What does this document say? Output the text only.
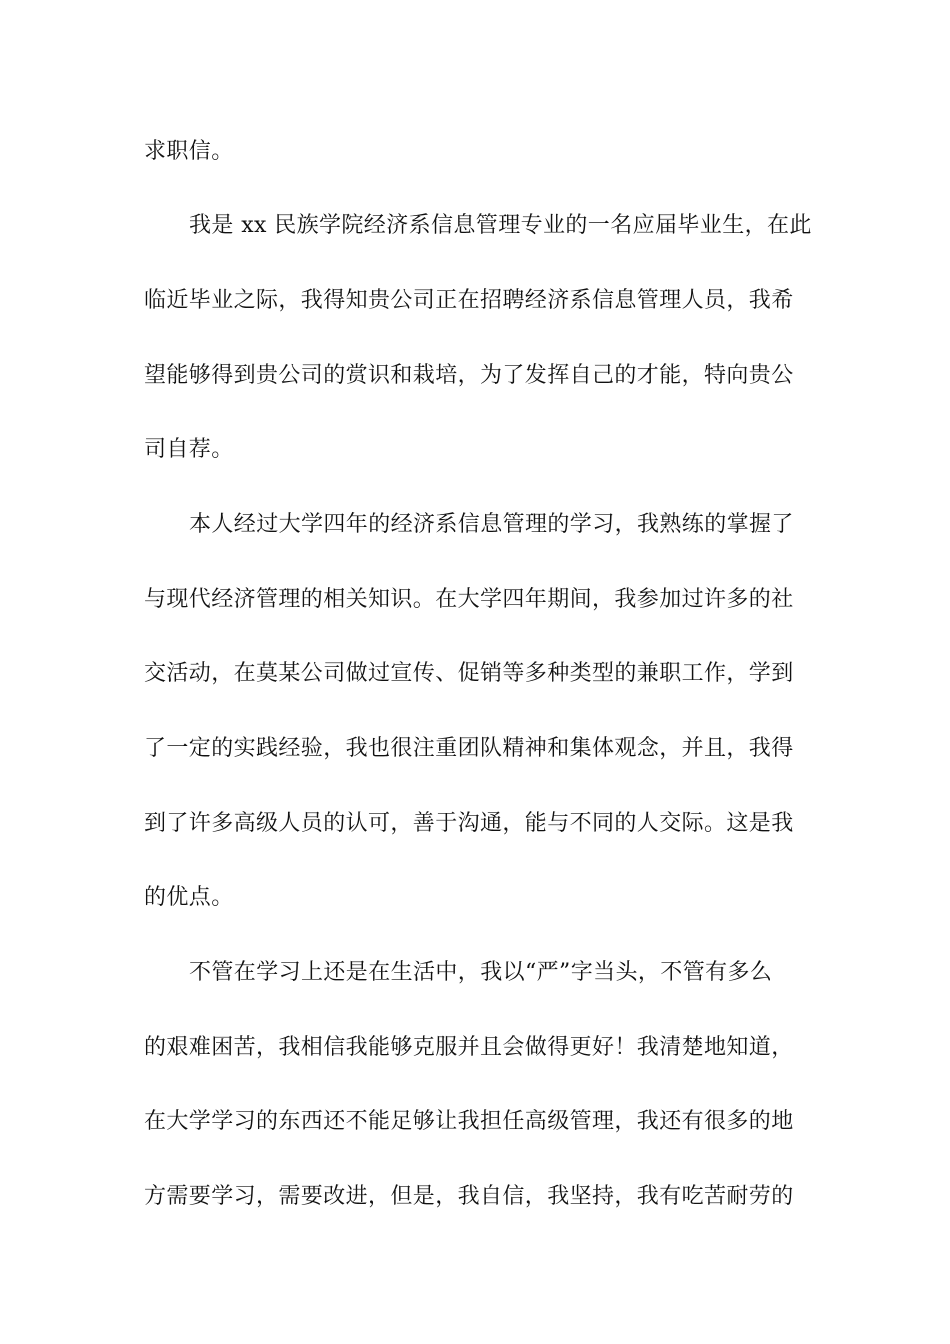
求职信。
我是 xx 民族学院经济系信息管理专业的一名应届毕业生，在此
临近毕业之际，我得知贵公司正在招聘经济系信息管理人员，我希
望能够得到贵公司的赏识和栽培，为了发挥自己的才能，特向贵公
司自荐。
本人经过大学四年的经济系信息管理的学习，我熟练的掌握了
与现代经济管理的相关知识。在大学四年期间，我参加过许多的社
交活动，在莫某公司做过宣传、促销等多种类型的兼职工作，学到
了一定的实践经验，我也很注重团队精神和集体观念，并且，我得
到了许多高级人员的认可，善于沟通，能与不同的人交际。这是我
的优点。
不管在学习上还是在生活中，我以“严”字当头，不管有多么
的艰难困苦，我相信我能够克服并且会做得更好！我清楚地知道，
在大学学习的东西还不能足够让我担任高级管理，我还有很多的地
方需要学习，需要改进，但是，我自信，我坚持，我有吃苦耐劳的
